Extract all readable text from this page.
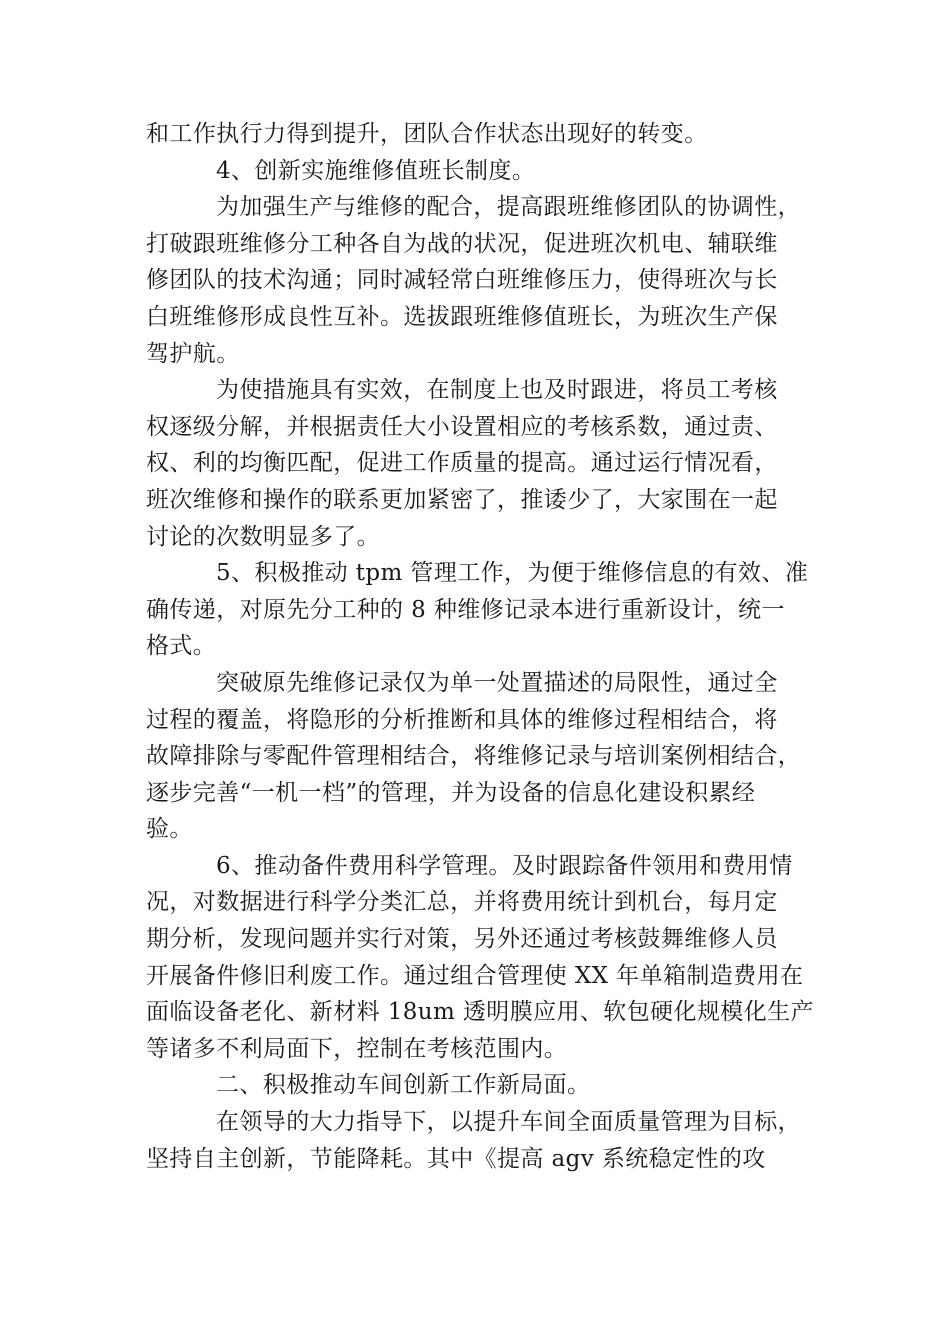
和工作执行力得到提升，团队合作状态出现好的转变。
4、创新实施维修值班长制度。
为加强生产与维修的配合，提高跟班维修团队的协调性，
打破跟班维修分工种各自为战的状况，促进班次机电、辅联维
修团队的技术沟通；同时减轻常白班维修压力，使得班次与长
白班维修形成良性互补。选拔跟班维修值班长，为班次生产保
驾护航。
为使措施具有实效，在制度上也及时跟进，将员工考核
权逐级分解，并根据责任大小设置相应的考核系数，通过责、
权、利的均衡匹配，促进工作质量的提高。通过运行情况看，
班次维修和操作的联系更加紧密了，推诿少了，大家围在一起
讨论的次数明显多了。
5、积极推动 tpm 管理工作，为便于维修信息的有效、准
确传递，对原先分工种的 8 种维修记录本进行重新设计，统一
格式。
突破原先维修记录仅为单一处置描述的局限性，通过全
过程的覆盖，将隐形的分析推断和具体的维修过程相结合，将
故障排除与零配件管理相结合，将维修记录与培训案例相结合，
逐步完善“一机一档”的管理，并为设备的信息化建设积累经
验。
6、推动备件费用科学管理。及时跟踪备件领用和费用情
况，对数据进行科学分类汇总，并将费用统计到机台，每月定
期分析，发现问题并实行对策，另外还通过考核鼓舞维修人员
开展备件修旧利废工作。通过组合管理使 XX 年单箱制造费用在
面临设备老化、新材料 18um 透明膜应用、软包硬化规模化生产
等诸多不利局面下，控制在考核范围内。
二、积极推动车间创新工作新局面。
在领导的大力指导下，以提升车间全面质量管理为目标，
坚持自主创新，节能降耗。其中《提高 agv 系统稳定性的攻
